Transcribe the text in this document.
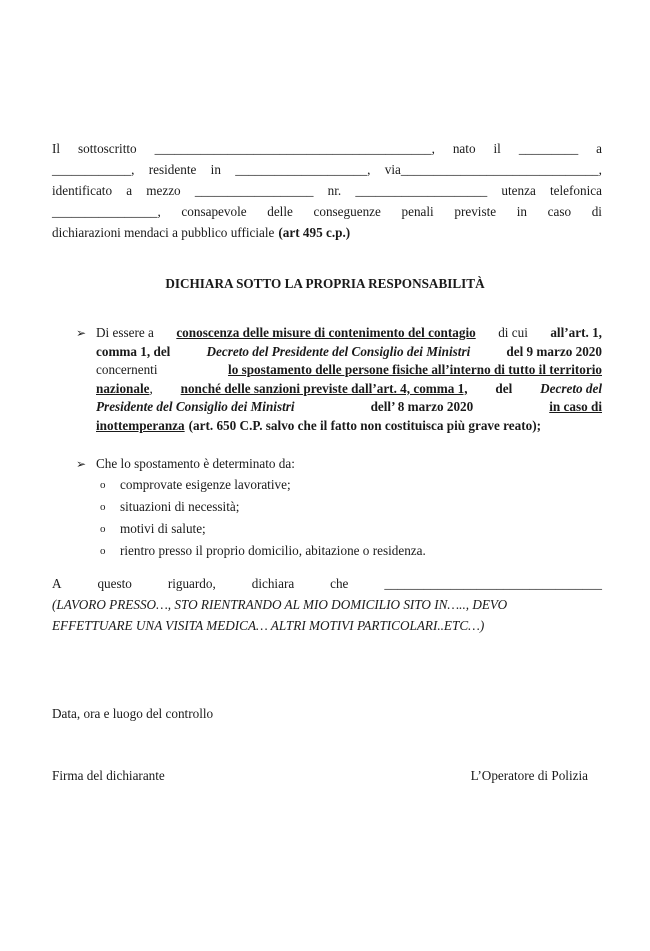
Il sottoscritto __________________________________________, nato il _________ a
____________, residente in ____________________, via______________________________,
identificato a mezzo __________________ nr. ____________________ utenza telefonica
________________, consapevole delle conseguenze penali previste in caso di
dichiarazioni mendaci a pubblico ufficiale (art 495 c.p.)
DICHIARA SOTTO LA PROPRIA RESPONSABILITÀ
➢ Di essere a conoscenza delle misure di contenimento del contagio di cui all’art. 1,
comma 1, del	Decreto del Presidente del Consiglio dei Ministri	del 9 marzo 2020
concernenti	lo spostamento delle persone fisiche all’interno di tutto il territorio
nazionale, nonché delle sanzioni previste dall’art. 4, comma 1, del Decreto del
Presidente del Consiglio dei Ministri	dell’ 8 marzo 2020	in caso di
inottemperanza (art. 650 C.P. salvo che il fatto non costituisca più grave reato);
➢ Che lo spostamento è determinato da:
o comprovate esigenze lavorative;
o situazioni di necessità;
o motivi di salute;
o rientro presso il proprio domicilio, abitazione o residenza.
A	questo	riguardo,	dichiara	che	_________________________________
(LAVORO PRESSO…, STO RIENTRANDO AL MIO DOMICILIO SITO IN….., DEVO
EFFETTUARE UNA VISITA MEDICA… ALTRI MOTIVI PARTICOLARI..ETC…)
Data, ora e luogo del controllo
Firma del dichiarante	L’Operatore di Polizia
